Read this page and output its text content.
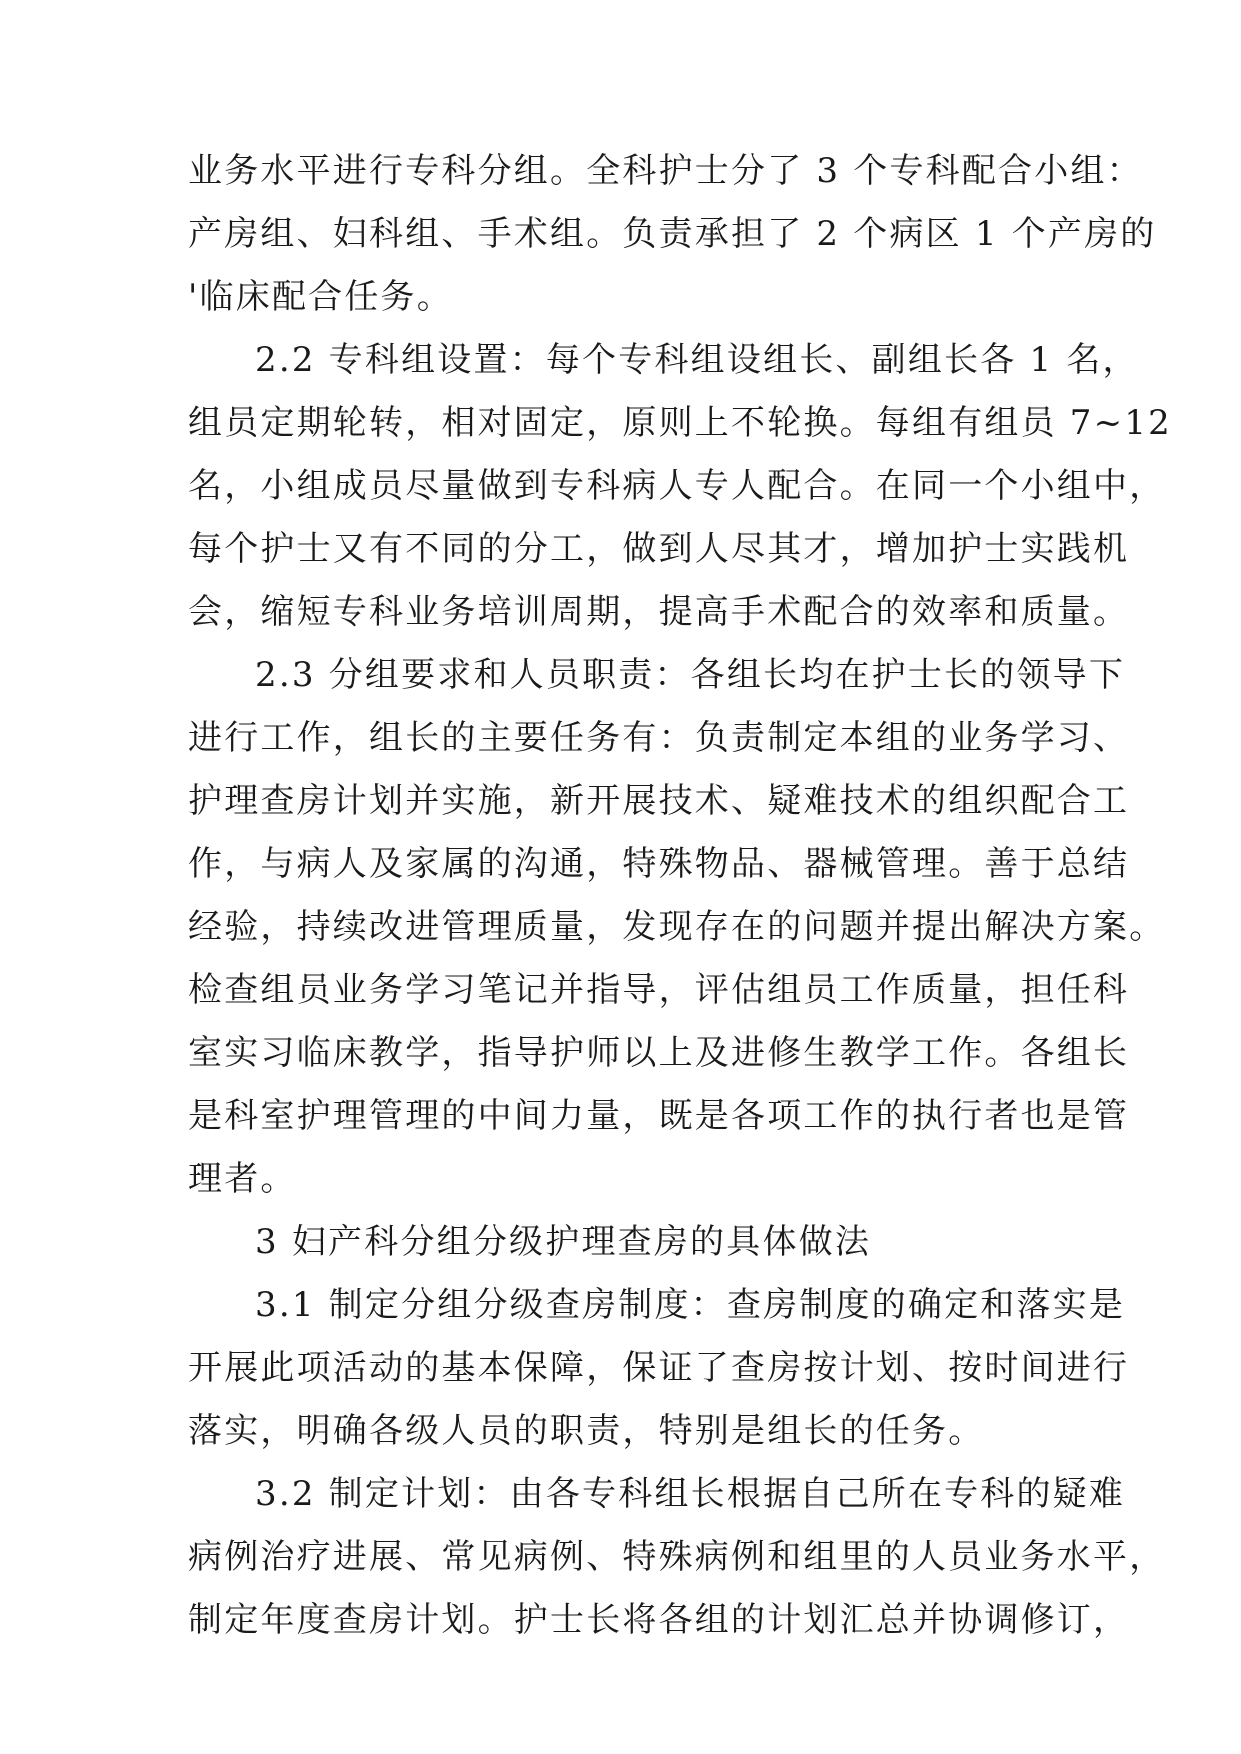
业务水平进行专科分组。全科护士分了 3 个专科配合小组：
产房组、妇科组、手术组。负责承担了 2 个病区 1 个产房的
'临床配合任务。
2.2 专科组设置：每个专科组设组长、副组长各 1 名，
组员定期轮转，相对固定，原则上不轮换。每组有组员 7~12
名，小组成员尽量做到专科病人专人配合。在同一个小组中，
每个护士又有不同的分工，做到人尽其才，增加护士实践机
会，缩短专科业务培训周期，提高手术配合的效率和质量。
2.3 分组要求和人员职责：各组长均在护士长的领导下
进行工作，组长的主要任务有：负责制定本组的业务学习、
护理查房计划并实施，新开展技术、疑难技术的组织配合工
作，与病人及家属的沟通，特殊物品、器械管理。善于总结
经验，持续改进管理质量，发现存在的问题并提出解决方案。
检查组员业务学习笔记并指导，评估组员工作质量，担任科
室实习临床教学，指导护师以上及进修生教学工作。各组长
是科室护理管理的中间力量，既是各项工作的执行者也是管
理者。
3 妇产科分组分级护理查房的具体做法
3.1 制定分组分级查房制度：查房制度的确定和落实是
开展此项活动的基本保障，保证了查房按计划、按时间进行
落实，明确各级人员的职责，特别是组长的任务。
3.2 制定计划：由各专科组长根据自己所在专科的疑难
病例治疗进展、常见病例、特殊病例和组里的人员业务水平，
制定年度查房计划。护士长将各组的计划汇总并协调修订，
